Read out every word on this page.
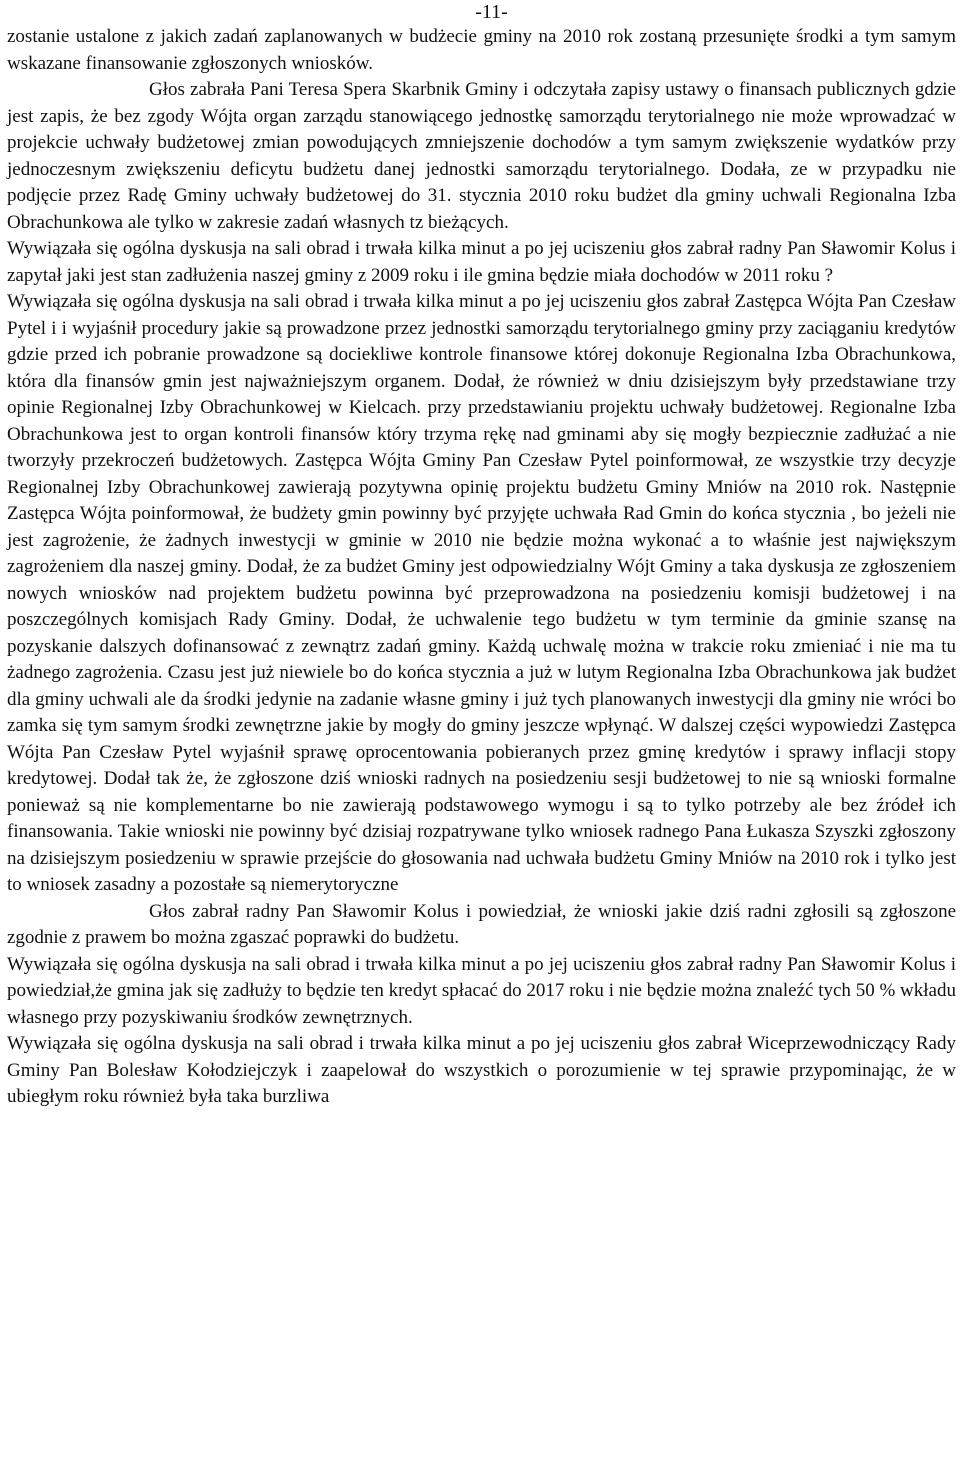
-11-

zostanie ustalone z jakich zadań zaplanowanych w budżecie gminy na 2010 rok zostaną przesunięte środki a tym samym wskazane finansowanie zgłoszonych wniosków.

Głos zabrała Pani Teresa Spera Skarbnik Gminy i odczytała zapisy ustawy o finansach publicznych gdzie jest zapis, że bez zgody Wójta organ zarządu stanowiącego jednostkę samorządu terytorialnego nie może wprowadzać w projekcie uchwały budżetowej zmian powodujących zmniejszenie dochodów a tym samym zwiększenie wydatków przy jednoczesnym zwiększeniu deficytu budżetu danej jednostki samorządu terytorialnego. Dodała, ze w przypadku nie podjęcie przez Radę Gminy uchwały budżetowej do 31. stycznia 2010 roku budżet dla gminy uchwali Regionalna Izba Obrachunkowa ale tylko w zakresie zadań własnych tz bieżących.

Wywiązała się ogólna dyskusja na sali obrad i trwała kilka minut a po jej uciszeniu głos zabrał radny Pan Sławomir Kolus i zapytał jaki jest stan zadłużenia naszej gminy z 2009 roku i ile gmina będzie miała dochodów w 2011 roku ?

Wywiązała się ogólna dyskusja na sali obrad i trwała kilka minut a po jej uciszeniu głos zabrał Zastępca Wójta Pan Czesław Pytel i i wyjaśnił procedury jakie są prowadzone przez jednostki samorządu terytorialnego gminy przy zaciąganiu kredytów gdzie przed ich pobranie prowadzone są dociekliwe kontrole finansowe której dokonuje Regionalna Izba Obrachunkowa, która dla finansów gmin jest najważniejszym organem. Dodał, że również w dniu dzisiejszym były przedstawiane trzy opinie Regionalnej Izby Obrachunkowej w Kielcach. przy przedstawianiu projektu uchwały budżetowej. Regionalne Izba Obrachunkowa jest to organ kontroli finansów który trzyma rękę nad gminami aby się mogły bezpiecznie zadłużać a nie tworzyły przekroczeń budżetowych. Zastępca Wójta Gminy Pan Czesław Pytel poinformował, ze wszystkie trzy decyzje Regionalnej Izby Obrachunkowej zawierają pozytywna opinię projektu budżetu Gminy Mniów na 2010 rok. Następnie Zastępca Wójta poinformował, że budżety gmin powinny być przyjęte uchwała Rad Gmin do końca stycznia , bo jeżeli nie jest zagrożenie, że żadnych inwestycji w gminie w 2010 nie będzie można wykonać a to właśnie jest największym zagrożeniem dla naszej gminy. Dodał, że za budżet Gminy jest odpowiedzialny Wójt Gminy a taka dyskusja ze zgłoszeniem nowych wniosków nad projektem budżetu powinna być przeprowadzona na posiedzeniu komisji budżetowej i na poszczególnych komisjach Rady Gminy. Dodał, że uchwalenie tego budżetu w tym terminie da gminie szansę na pozyskanie dalszych dofinansować z zewnątrz zadań gminy. Każdą uchwalę można w trakcie roku zmieniać i nie ma tu żadnego zagrożenia. Czasu jest już niewiele bo do końca stycznia a już w lutym Regionalna Izba Obrachunkowa jak budżet dla gminy uchwali ale da środki jedynie na zadanie własne gminy i już tych planowanych inwestycji dla gminy nie wróci bo zamka się tym samym środki zewnętrzne jakie by mogły do gminy jeszcze wpłynąć. W dalszej części wypowiedzi Zastępca Wójta Pan Czesław Pytel wyjaśnił sprawę oprocentowania pobieranych przez gminę kredytów i sprawy inflacji stopy kredytowej. Dodał tak że, że zgłoszone dziś wnioski radnych na posiedzeniu sesji budżetowej to nie są wnioski formalne ponieważ są nie komplementarne bo nie zawierają podstawowego wymogu i są to tylko potrzeby ale bez źródeł ich finansowania. Takie wnioski nie powinny być dzisiaj rozpatrywane tylko wniosek radnego Pana Łukasza Szyszki zgłoszony na dzisiejszym posiedzeniu w sprawie przejście do głosowania nad uchwała budżetu Gminy Mniów na 2010 rok i tylko jest to wniosek zasadny a pozostałe są niemerytoryczne

Głos zabrał radny Pan Sławomir Kolus i powiedział, że wnioski jakie dziś radni zgłosili są zgłoszone zgodnie z prawem bo można zgaszać poprawki do budżetu.

Wywiązała się ogólna dyskusja na sali obrad i trwała kilka minut a po jej uciszeniu głos zabrał radny Pan Sławomir Kolus i powiedział,że gmina jak się zadłuży to będzie ten kredyt spłacać do 2017 roku i nie będzie można znaleźć tych 50 % wkładu własnego przy pozyskiwaniu środków zewnętrznych.

Wywiązała się ogólna dyskusja na sali obrad i trwała kilka minut a po jej uciszeniu głos zabrał Wiceprzewodniczący Rady Gminy Pan Bolesław Kołodziejczyk i zaapelował do wszystkich o porozumienie w tej sprawie przypominając, że w ubiegłym roku również była taka burzliwa
